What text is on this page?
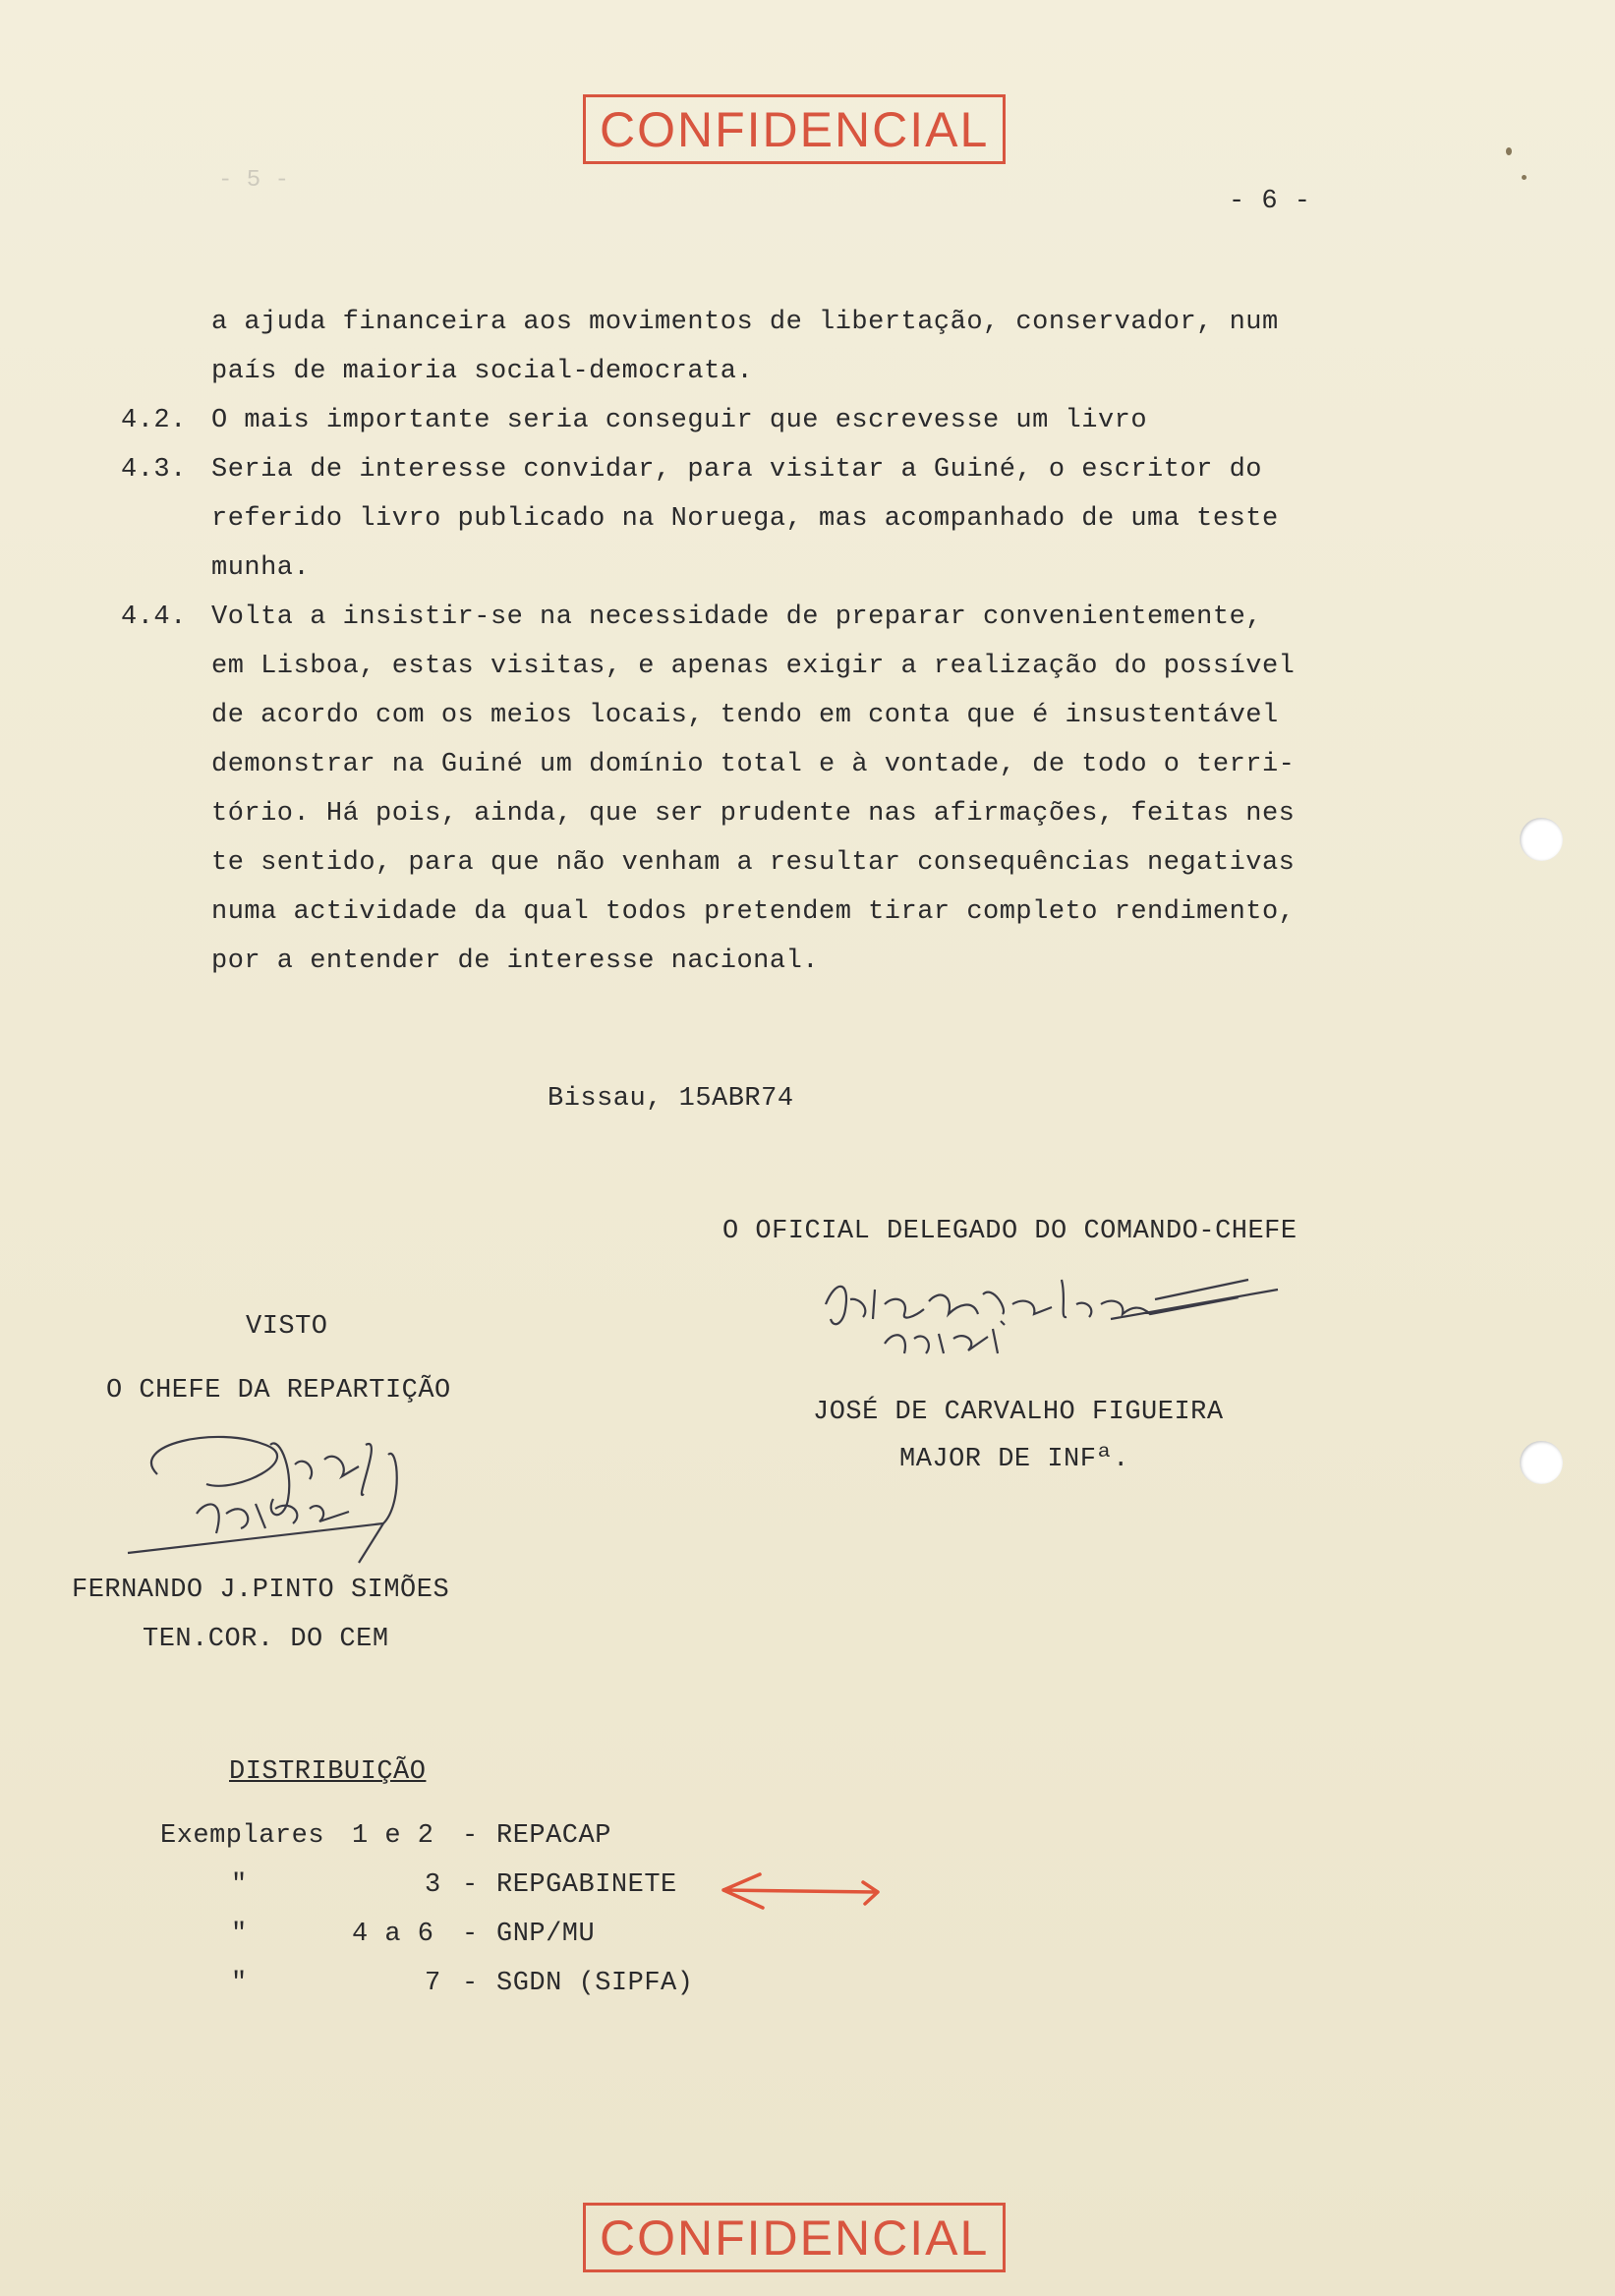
CONFIDENCIAL
- 5 -
- 6 -
a ajuda financeira aos movimentos de libertação, conservador, num
país de maioria social-democrata.
4.2. O mais importante seria conseguir que escrevesse um livro
4.3. Seria de interesse convidar, para visitar a Guiné, o escritor do
referido livro publicado na Noruega, mas acompanhado de uma teste
munha.
4.4. Volta a insistir-se na necessidade de preparar convenientemente,
em Lisboa, estas visitas, e apenas exigir a realização do possível
de acordo com os meios locais, tendo em conta que é insustentável
demonstrar na Guiné um domínio total e à vontade, de todo o terri-
tório. Há pois, ainda, que ser prudente nas afirmações, feitas nes
te sentido, para que não venham a resultar consequências negativas
numa actividade da qual todos pretendem tirar completo rendimento,
por a entender de interesse nacional.
Bissau, 15ABR74
O OFICIAL DELEGADO DO COMANDO-CHEFE
JOSÉ DE CARVALHO FIGUEIRA
MAJOR DE INFª.
VISTO
O CHEFE DA REPARTIÇÃO
FERNANDO J.PINTO SIMÕES
TEN.COR. DO CEM
DISTRIBUIÇÃO
Exemplares 1 e 2 - REPACAP
"	3 - REPGABINETE
"	4 a 6 - GNP/MU
"	7 - SGDN (SIPFA)
CONFIDENCIAL
